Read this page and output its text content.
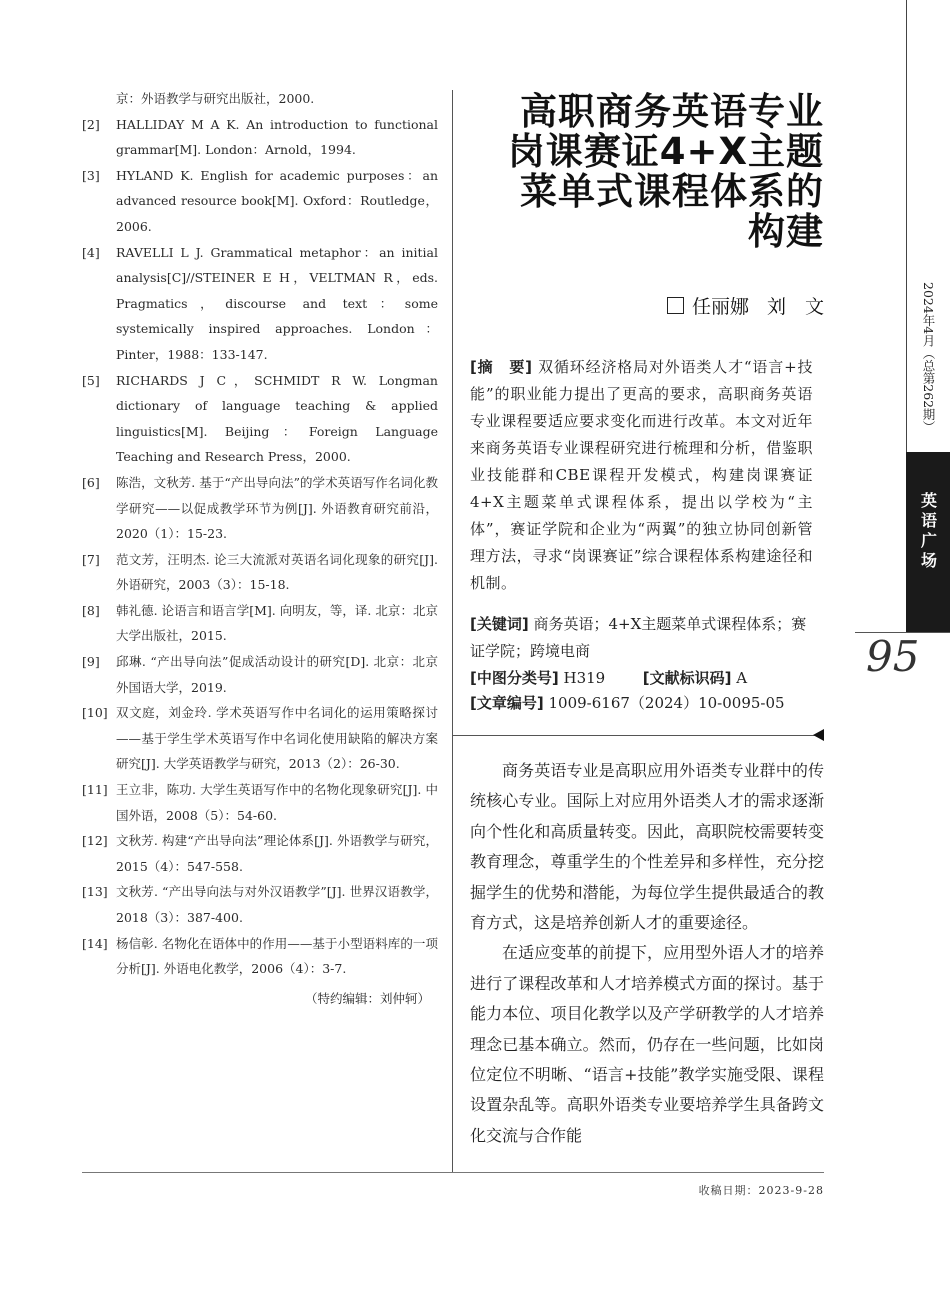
京：外语教学与研究出版社，2000.
[2]	HALLIDAY M A K. An introduction to functional grammar[M]. London：Arnold，1994.
[3]	HYLAND K. English for academic purposes：an advanced resource book[M]. Oxford：Routledge，2006.
[4]	RAVELLI L J. Grammatical metaphor：an initial analysis[C]//STEINER E H，VELTMAN R，eds. Pragmatics，discourse and text：some systemically inspired approaches. London：Pinter，1988：133-147.
[5]	RICHARDS J C，SCHMIDT R W. Longman dictionary of language teaching & applied linguistics[M]. Beijing：Foreign Language Teaching and Research Press，2000.
[6]	陈浩，文秋芳. 基于“产出导向法”的学术英语写作名词化教学研究——以促成教学环节为例[J]. 外语教育研究前沿，2020（1）：15-23.
[7]	范文芳，汪明杰. 论三大流派对英语名词化现象的研究[J]. 外语研究，2003（3）：15-18.
[8]	韩礼德. 论语言和语言学[M]. 向明友，等，译. 北京：北京大学出版社，2015.
[9]	邱琳. “产出导向法”促成活动设计的研究[D]. 北京：北京外国语大学，2019.
[10] 双文庭，刘金玲. 学术英语写作中名词化的运用策略探讨——基于学生学术英语写作中名词化使用缺陷的解决方案研究[J]. 大学英语教学与研究，2013（2）：26-30.
[11] 王立非，陈功. 大学生英语写作中的名物化现象研究[J]. 中国外语，2008（5）：54-60.
[12] 文秋芳. 构建“产出导向法”理论体系[J]. 外语教学与研究，2015（4）：547-558.
[13] 文秋芳. “产出导向法与对外汉语教学”[J]. 世界汉语教学，2018（3）：387-400.
[14] 杨信彰. 名物化在语体中的作用——基于小型语料库的一项分析[J]. 外语电化教学，2006（4）：3-7.
（特约编辑：刘仲轲）
高职商务英语专业
岗课赛证4+X主题
菜单式课程体系的
构建
任丽娜 刘　文
[摘　要] 双循环经济格局对外语类人才“语言+技能”的职业能力提出了更高的要求，高职商务英语专业课程要适应要求变化而进行改革。本文对近年来商务英语专业课程研究进行梳理和分析，借鉴职业技能群和CBE课程开发模式，构建岗课赛证4+X主题菜单式课程体系，提出以学校为“主体”，赛证学院和企业为“两翼”的独立协同创新管理方法，寻求“岗课赛证”综合课程体系构建途径和机制。
[关键词] 商务英语；4+X主题菜单式课程体系；赛证学院；跨境电商
[中图分类号] H319	[文献标识码] A
[文章编号] 1009-6167（2024）10-0095-05

商务英语专业是高职应用外语类专业群中的传统核心专业。国际上对应用外语类人才的需求逐渐向个性化和高质量转变。因此，高职院校需要转变教育理念，尊重学生的个性差异和多样性，充分挖掘学生的优势和潜能，为每位学生提供最适合的教育方式，这是培养创新人才的重要途径。

在适应变革的前提下，应用型外语人才的培养进行了课程改革和人才培养模式方面的探讨。基于能力本位、项目化教学以及产学研教学的人才培养理念已基本确立。然而，仍存在一些问题，比如岗位定位不明晰、“语言+技能”教学实施受限、课程设置杂乱等。高职外语类专业要培养学生具备跨文化交流与合作能

收稿日期：2023-9-28
2024年4月（总第262期）
英语广场
95
